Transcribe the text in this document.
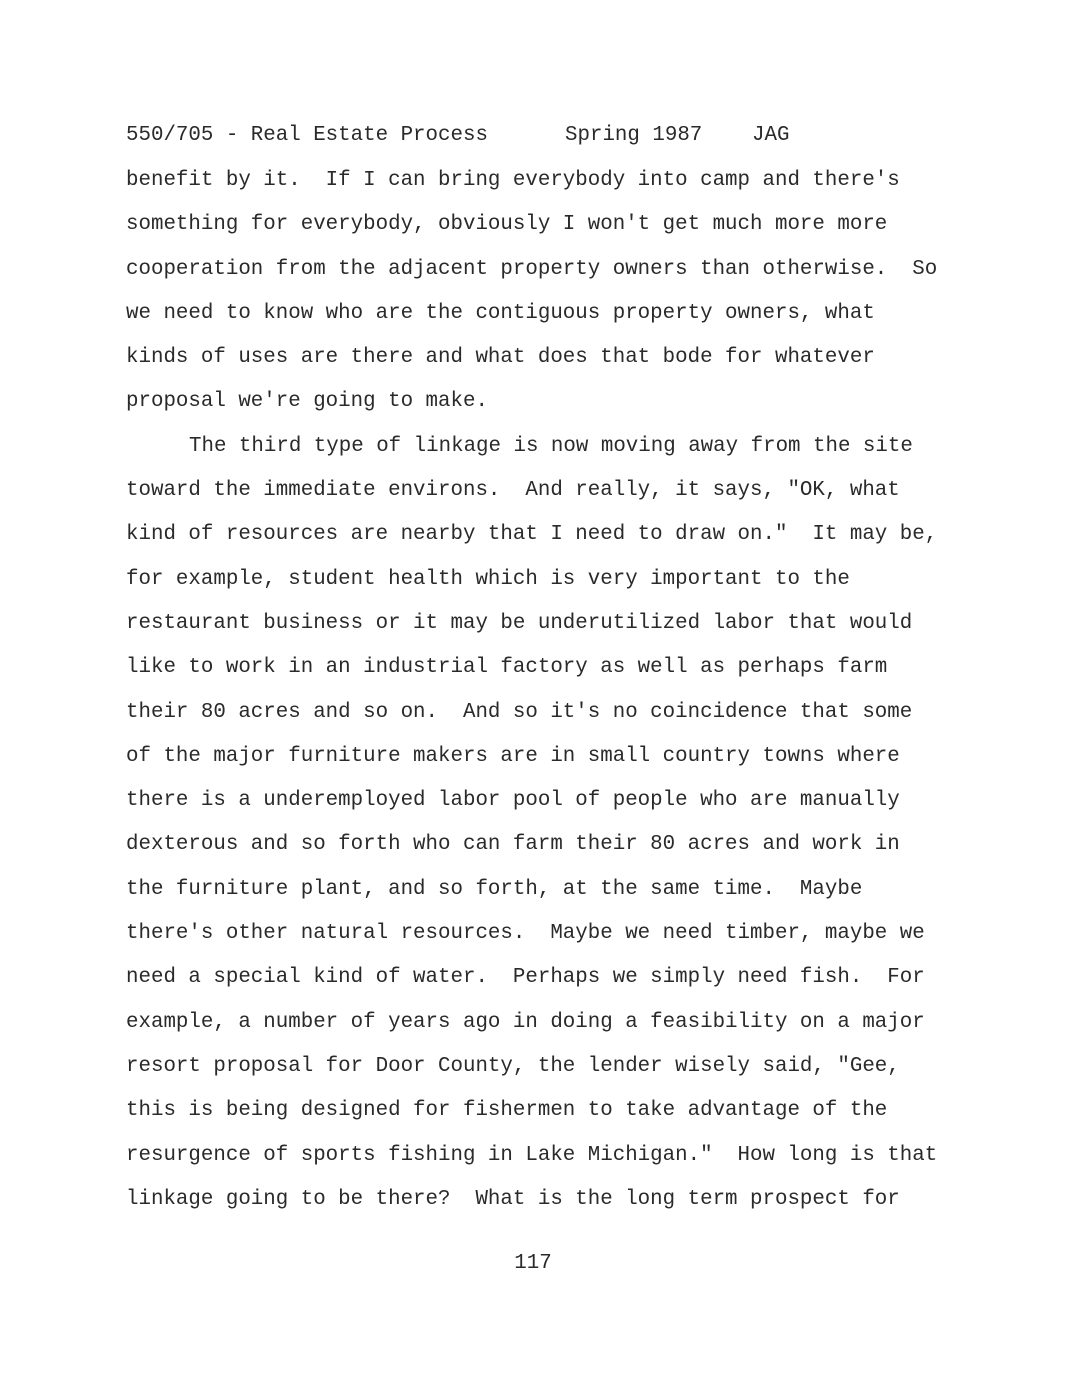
550/705 - Real Estate Process	Spring 1987 JAG
benefit by it.  If I can bring everybody into camp and there's
something for everybody, obviously I won't get much more more
cooperation from the adjacent property owners than otherwise.  So
we need to know who are the contiguous property owners, what
kinds of uses are there and what does that bode for whatever
proposal we're going to make.
The third type of linkage is now moving away from the site
toward the immediate environs.  And really, it says, "OK, what
kind of resources are nearby that I need to draw on."  It may be,
for example, student health which is very important to the
restaurant business or it may be underutilized labor that would
like to work in an industrial factory as well as perhaps farm
their 80 acres and so on.  And so it's no coincidence that some
of the major furniture makers are in small country towns where
there is a underemployed labor pool of people who are manually
dexterous and so forth who can farm their 80 acres and work in
the furniture plant, and so forth, at the same time.  Maybe
there's other natural resources.  Maybe we need timber, maybe we
need a special kind of water.  Perhaps we simply need fish.  For
example, a number of years ago in doing a feasibility on a major
resort proposal for Door County, the lender wisely said, "Gee,
this is being designed for fishermen to take advantage of the
resurgence of sports fishing in Lake Michigan."  How long is that
linkage going to be there?  What is the long term prospect for
117
